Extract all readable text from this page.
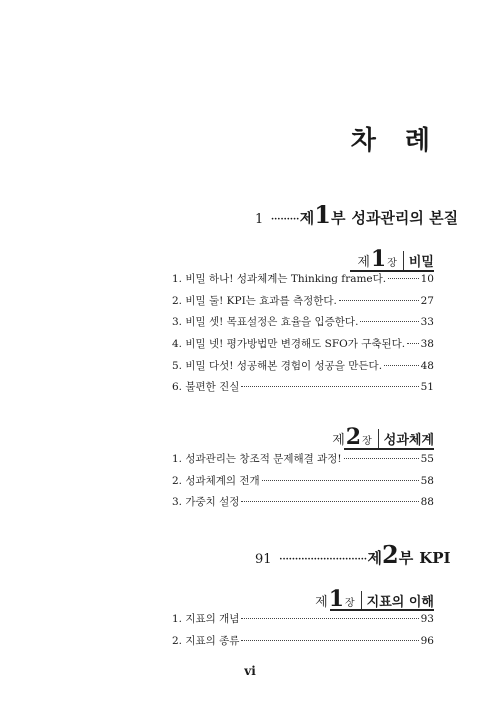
차 례
1 ········· 제 1 부 성과관리의 본질
제 1 장 비밀
1. 비밀 하나! 성과체계는 Thinking frame다.	10
2. 비밀 둘! KPI는 효과를 측정한다.	27
3. 비밀 셋! 목표설정은 효율을 입증한다.	33
4. 비밀 넷! 평가방법만 변경해도 SFO가 구축된다. 38
5. 비밀 다섯! 성공해본 경험이 성공을 만든다.	48
6. 불편한 진실	51
제 2 장 성과체계
1. 성과관리는 창조적 문제해결 과정!	55
2. 성과체계의 전개	58
3. 가중치 설정	88
91 ···························· 제 2 부 KPI
제 1 장 지표의 이해
1. 지표의 개념	93
2. 지표의 종류	96
vi
